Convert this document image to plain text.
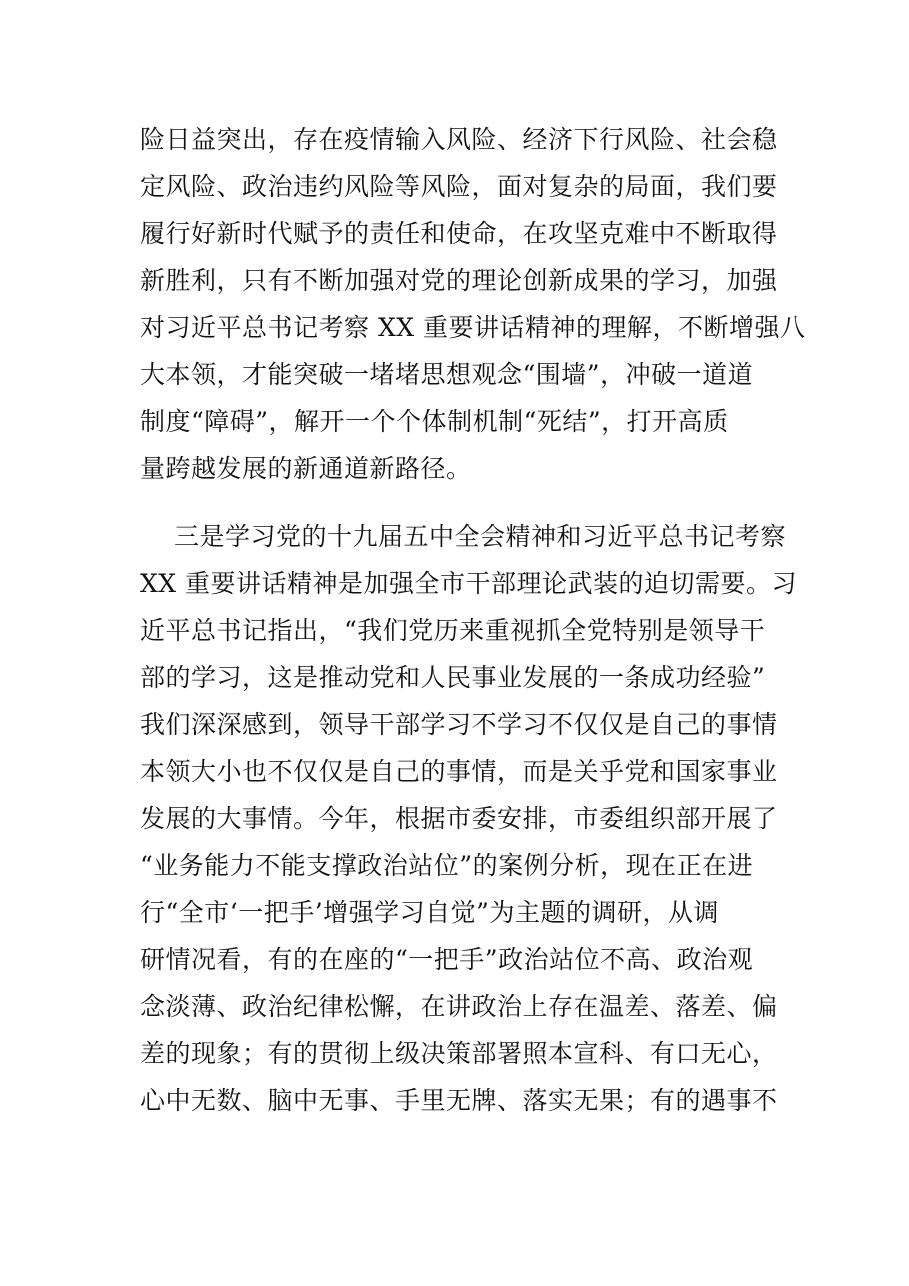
险日益突出，存在疫情输入风险、经济下行风险、社会稳
定风险、政治违约风险等风险，面对复杂的局面，我们要
履行好新时代赋予的责任和使命，在攻坚克难中不断取得
新胜利，只有不断加强对党的理论创新成果的学习，加强
对习近平总书记考察 XX 重要讲话精神的理解，不断增强八
大本领，才能突破一堵堵思想观念“围墙”，冲破一道道
制度“障碍”，解开一个个体制机制“死结”，打开高质
量跨越发展的新通道新路径。
三是学习党的十九届五中全会精神和习近平总书记考察
XX 重要讲话精神是加强全市干部理论武装的迫切需要。习
近平总书记指出，“我们党历来重视抓全党特别是领导干
部的学习，这是推动党和人民事业发展的一条成功经验”
我们深深感到，领导干部学习不学习不仅仅是自己的事情
本领大小也不仅仅是自己的事情，而是关乎党和国家事业
发展的大事情。今年，根据市委安排，市委组织部开展了
“业务能力不能支撑政治站位”的案例分析，现在正在进
行“全市‘一把手’增强学习自觉”为主题的调研，从调
研情况看，有的在座的“一把手”政治站位不高、政治观
念淡薄、政治纪律松懈，在讲政治上存在温差、落差、偏
差的现象；有的贯彻上级决策部署照本宣科、有口无心，
心中无数、脑中无事、手里无牌、落实无果；有的遇事不
